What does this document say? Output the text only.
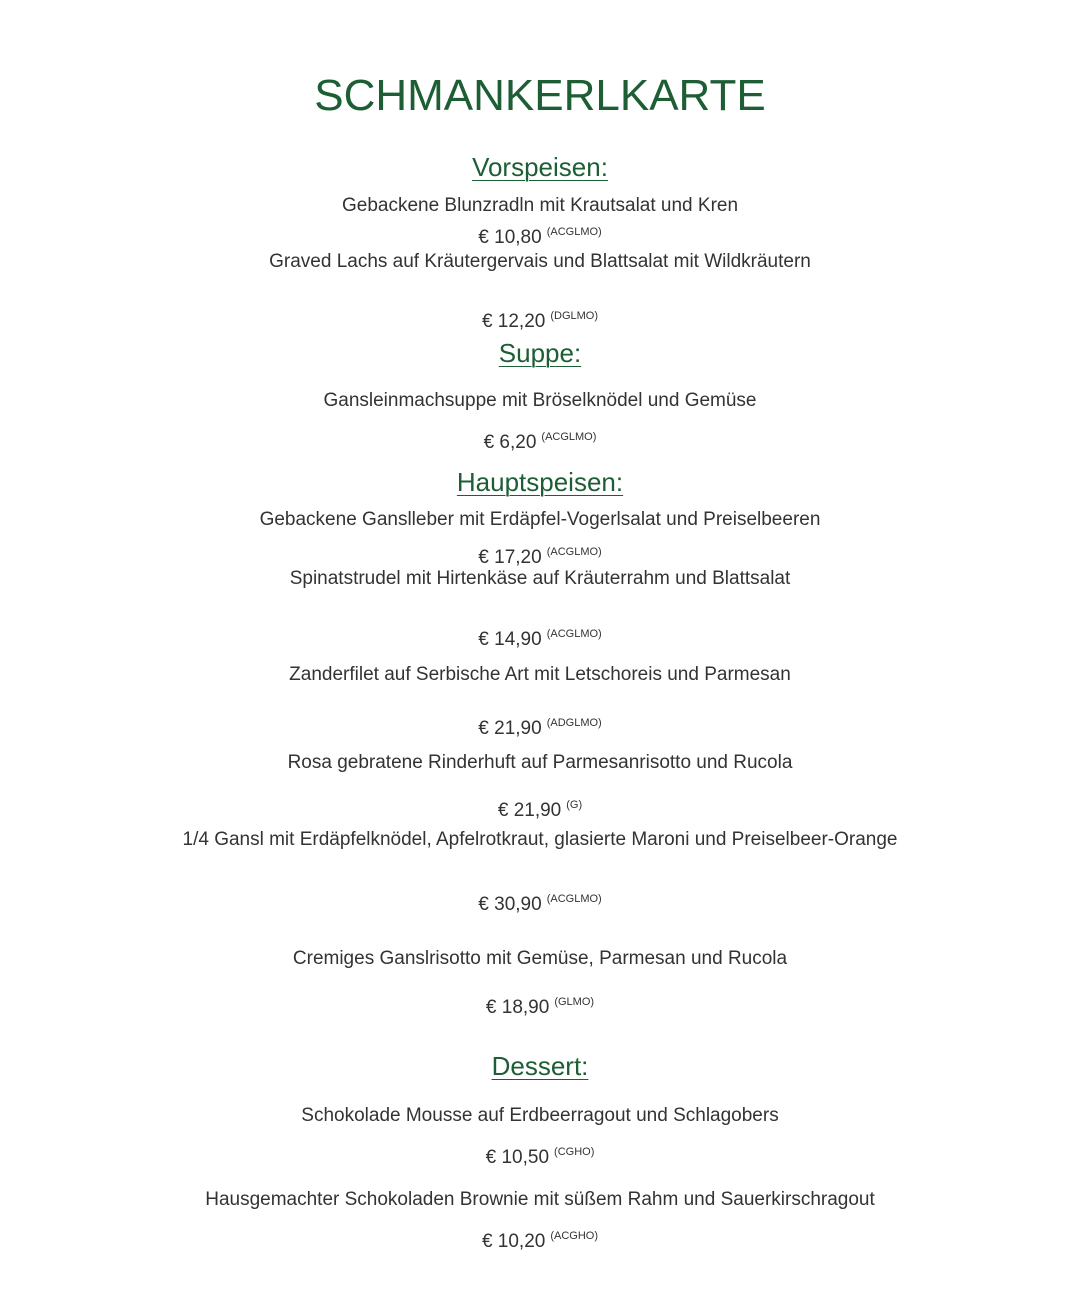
SCHMANKERLKARTE
Vorspeisen:
Gebackene Blunzradln mit Krautsalat und Kren
€ 10,80 $^{(ACGLMO)}$
Graved Lachs auf Kräutergervais und Blattsalat mit Wildkräutern
€ 12,20 $^{(DGLMO)}$
Suppe:
Gansleinmachsuppe mit Bröselknödel und Gemüse
€ 6,20 $^{(ACGLMO)}$
Hauptspeisen:
Gebackene Ganslleber mit Erdäpfel-Vogerlsalat und Preiselbeeren
€ 17,20 $^{(ACGLMO)}$
Spinatstrudel mit Hirtenkäse auf Kräuterrahm und Blattsalat
€ 14,90 $^{(ACGLMO)}$
Zanderfilet auf Serbische Art mit Letschoreis und Parmesan
€ 21,90 $^{(ADGLMO)}$
Rosa gebratene Rinderhuft auf Parmesanrisotto und Rucola
€ 21,90 $^{(G)}$
1/4 Gansl mit Erdäpfelknödel, Apfelrotkraut, glasierte Maroni und Preiselbeer-Orange
€ 30,90 $^{(ACGLMO)}$
Cremiges Ganslrisotto mit Gemüse, Parmesan und Rucola
€ 18,90 $^{(GLMO)}$
Dessert:
Schokolade Mousse auf Erdbeerragout und Schlagobers
€ 10,50 $^{(CGHO)}$
Hausgemachter Schokoladen Brownie mit süßem Rahm und Sauerkirschragout
€ 10,20 $^{(ACGHO)}$
